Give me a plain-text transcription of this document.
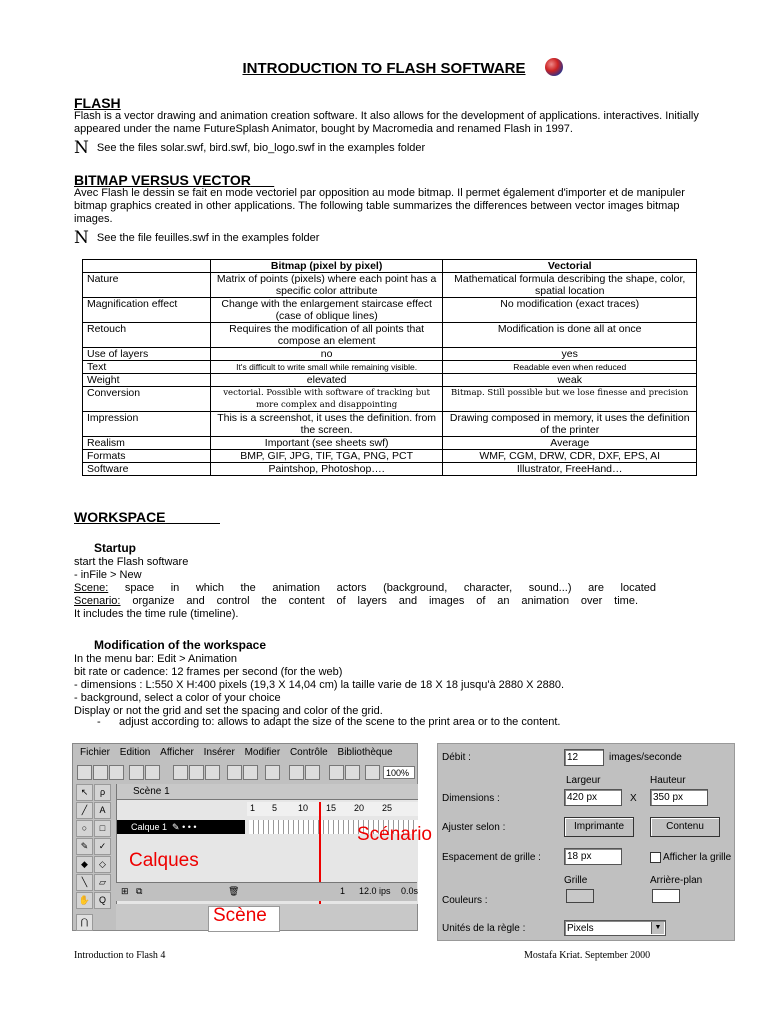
INTRODUCTION TO FLASH SOFTWARE
FLASH
Flash is a vector drawing and animation creation software. It also allows for the development of applications. interactives. Initially appeared under the name FutureSplash Animator, bought by Macromedia and renamed Flash in 1997.
N See the files solar.swf, bird.swf, bio_logo.swf in the examples folder
BITMAP VERSUS VECTOR
Avec Flash le dessin se fait en mode vectoriel par opposition au mode bitmap. Il permet également d'importer et de manipuler bitmap graphics created in other applications. The following table summarizes the differences between vector images bitmap images.
N See the file feuilles.swf in the examples folder
	Bitmap (pixel by pixel)	Vectorial
Nature	Matrix of points (pixels) where each point has a specific color attribute	Mathematical formula describing the shape, color, spatial location
Magnification effect	Change with the enlargement staircase effect (case of oblique lines)	No modification (exact traces)
Retouch	Requires the modification of all points that compose an element	Modification is done all at once
Use of layers	no	yes
Text	It's difficult to write small while remaining visible.	Readable even when reduced
Weight	elevated	weak
Conversion	vectorial. Possible with software of tracking but more complex and disappointing	Bitmap. Still possible but we lose finesse and precision
Impression	This is a screenshot, it uses the definition. from the screen.	Drawing composed in memory, it uses the definition of the printer
Realism	Important (see sheets swf)	Average
Formats	BMP, GIF, JPG, TIF, TGA, PNG, PCT	WMF, CGM, DRW, CDR, DXF, EPS, AI
Software	Paintshop, Photoshop….	Illustrator, FreeHand…
WORKSPACE
Startup
start the Flash software
- inFile > New
Scene: space in which the animation actors (background, character, sound...) are located
Scenario: organize and control the content of layers and images of an animation over time.
It includes the time rule (timeline).
Modification of the workspace
In the menu bar: Edit > Animation
bit rate or cadence: 12 frames per second (for the web)
- dimensions : L:550 X H:400 pixels (19,3 X 14,04 cm) la taille varie de 18 X 18 jusqu'à 2880 X 2880.
- background, select a color of your choice
Display or not the grid and set the spacing and color of the grid.
- adjust according to: allows to adapt the size of the scene to the print area or to the content.
Fichier Edition Afficher Insérer Modifier Contrôle Bibliothèque
100%
↖	ρ
╱	A
○	□
✎	✓
◆	◇
╲	▱
✋ Q
⋂
Scène 1
1 5 10 15 20 25
Calque 1  ✎ • • •	Scénario
Calques
⊞ ⧉	🗑	1 12.0 ips 0.0s
Scène
Débit :	12	images/seconde
Largeur	Hauteur
Dimensions :	420 px	X	350 px
Ajuster selon :	Imprimante	Contenu
Espacement de grille :	18 px	Afficher la grille
Grille	Arrière-plan
Couleurs :
Unités de la règle :	Pixels	▼
Introduction to Flash 4	Mostafa Kriat. September 2000
